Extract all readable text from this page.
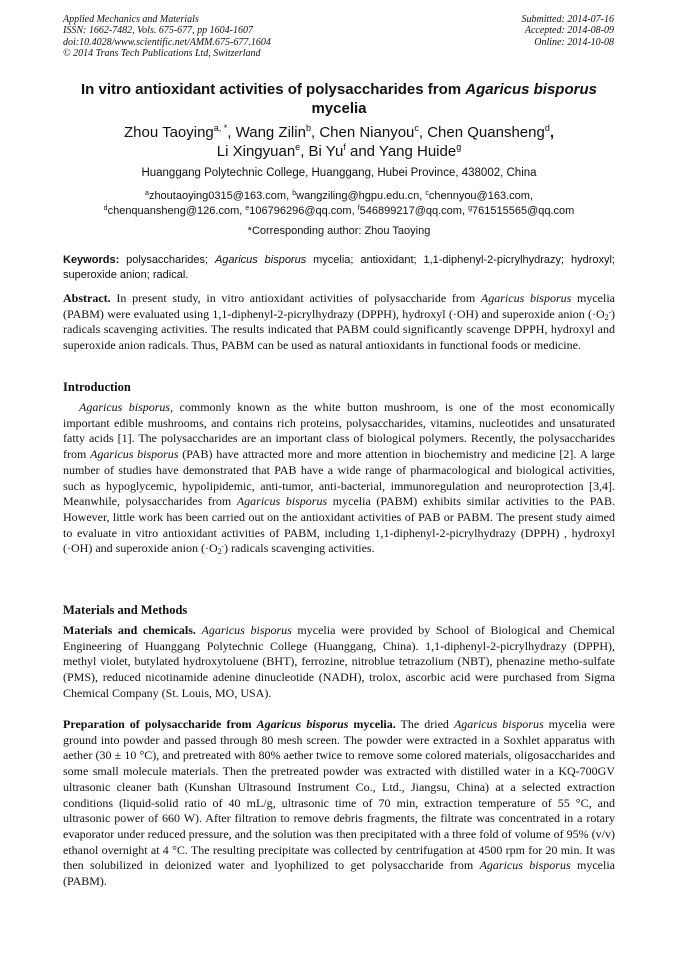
Applied Mechanics and Materials
ISSN: 1662-7482, Vols. 675-677, pp 1604-1607
doi:10.4028/www.scientific.net/AMM.675-677.1604
© 2014 Trans Tech Publications Ltd, Switzerland
Submitted: 2014-07-16
Accepted: 2014-08-09
Online: 2014-10-08
In vitro antioxidant activities of polysaccharides from Agaricus bisporus mycelia
Zhou Taoying$^{a, *}$, Wang Zilin$^b$, Chen Nianyou$^c$, Chen Quansheng$^d$,
Li Xingyuan$^e$, Bi Yu$^f$ and Yang Huide$^g$
Huanggang Polytechnic College, Huanggang, Hubei Province, 438002, China
$^a$zhoutaoying0315@163.com, $^b$wangziling@hgpu.edu.cn, $^c$chennyou@163.com,
$^d$chenquansheng@126.com, $^e$106796296@qq.com, $^f$546899217@qq.com, $^g$761515565@qq.com
*Corresponding author: Zhou Taoying
Keywords: polysaccharides; Agaricus bisporus mycelia; antioxidant; 1,1-diphenyl-2-picrylhydrazy; hydroxyl; superoxide anion; radical.
Abstract. In present study, in vitro antioxidant activities of polysaccharide from Agaricus bisporus mycelia (PABM) were evaluated using 1,1-diphenyl-2-picrylhydrazy (DPPH), hydroxyl (·OH) and superoxide anion $(\cdot O_2^-)$ radicals scavenging activities. The results indicated that PABM could significantly scavenge DPPH, hydroxyl and superoxide anion radicals. Thus, PABM can be used as natural antioxidants in functional foods or medicine.
Introduction
Agaricus bisporus, commonly known as the white button mushroom, is one of the most economically important edible mushrooms, and contains rich proteins, polysaccharides, vitamins, nucleotides and unsaturated fatty acids [1]. The polysaccharides are an important class of biological polymers. Recently, the polysaccharides from Agaricus bisporus (PAB) have attracted more and more attention in biochemistry and medicine [2]. A large number of studies have demonstrated that PAB have a wide range of pharmacological and biological activities, such as hypoglycemic, hypolipidemic, anti-tumor, anti-bacterial, immunoregulation and neuroprotection [3,4]. Meanwhile, polysaccharides from Agaricus bisporus mycelia (PABM) exhibits similar activities to the PAB. However, little work has been carried out on the antioxidant activities of PAB or PABM. The present study aimed to evaluate in vitro antioxidant activities of PABM, including 1,1-diphenyl-2-picrylhydrazy (DPPH) , hydroxyl (·OH) and superoxide anion $(\cdot O_2^-)$ radicals scavenging activities.
Materials and Methods
Materials and chemicals. Agaricus bisporus mycelia were provided by School of Biological and Chemical Engineering of Huanggang Polytechnic College (Huanggang, China). 1,1-diphenyl-2-picrylhydrazy (DPPH), methyl violet, butylated hydroxytoluene (BHT), ferrozine, nitroblue tetrazolium (NBT), phenazine metho-sulfate (PMS), reduced nicotinamide adenine dinucleotide (NADH), trolox, ascorbic acid were purchased from Sigma Chemical Company (St. Louis, MO, USA).
Preparation of polysaccharide from Agaricus bisporus mycelia. The dried Agaricus bisporus mycelia were ground into powder and passed through 80 mesh screen. The powder were extracted in a Soxhlet apparatus with aether (30 ± 10 °C), and pretreated with 80% aether twice to remove some colored materials, oligosaccharides and some small molecule materials. Then the pretreated powder was extracted with distilled water in a KQ-700GV ultrasonic cleaner bath (Kunshan Ultrasound Instrument Co., Ltd., Jiangsu, China) at a selected extraction conditions (liquid-solid ratio of 40 mL/g, ultrasonic time of 70 min, extraction temperature of 55 °C, and ultrasonic power of 660 W). After filtration to remove debris fragments, the filtrate was concentrated in a rotary evaporator under reduced pressure, and the solution was then precipitated with a three fold of volume of 95% (v/v) ethanol overnight at 4 °C. The resulting precipitate was collected by centrifugation at 4500 rpm for 20 min. It was then solubilized in deionized water and lyophilized to get polysaccharide from Agaricus bisporus mycelia (PABM).
